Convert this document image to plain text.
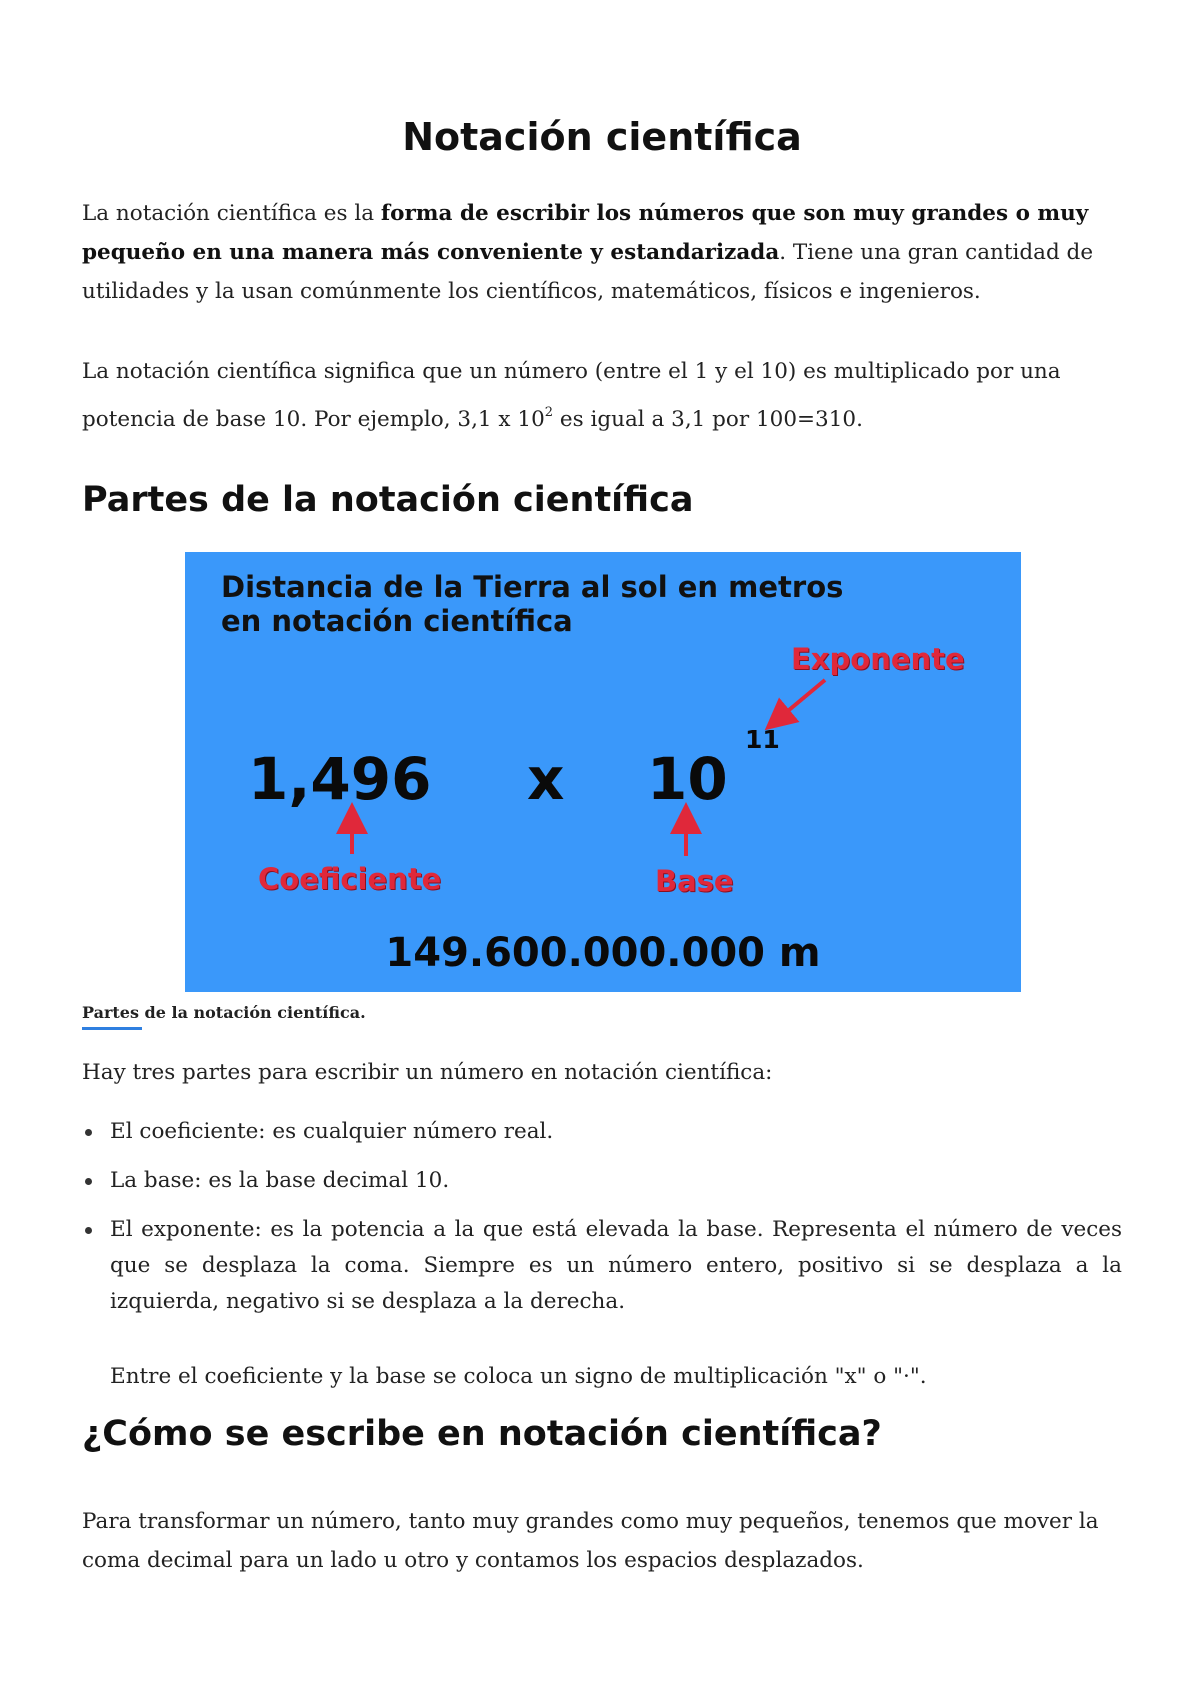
Notación científica

La notación científica es la forma de escribir los números que son muy grandes o muy pequeño en una manera más conveniente y estandarizada. Tiene una gran cantidad de utilidades y la usan comúnmente los científicos, matemáticos, físicos e ingenieros.

La notación científica significa que un número (entre el 1 y el 10) es multiplicado por una potencia de base 10. Por ejemplo, 3,1 x $10^2$ es igual a 3,1 por 100=310.

Partes de la notación científica
Distancia de la Tierra al sol en metros
en notación científica
Exponente
11
1,496 x 10
Coeficiente	Base
149.600.000.000 m
Partes de la notación científica.

Hay tres partes para escribir un número en notación científica:

El coeficiente: es cualquier número real.
La base: es la base decimal 10.
El exponente: es la potencia a la que está elevada la base. Representa el número de veces que se desplaza la coma. Siempre es un número entero, positivo si se desplaza a la izquierda, negativo si se desplaza a la derecha.

Entre el coeficiente y la base se coloca un signo de multiplicación "x" o "·".

¿Cómo se escribe en notación científica?

Para transformar un número, tanto muy grandes como muy pequeños, tenemos que mover la coma decimal para un lado u otro y contamos los espacios desplazados.
